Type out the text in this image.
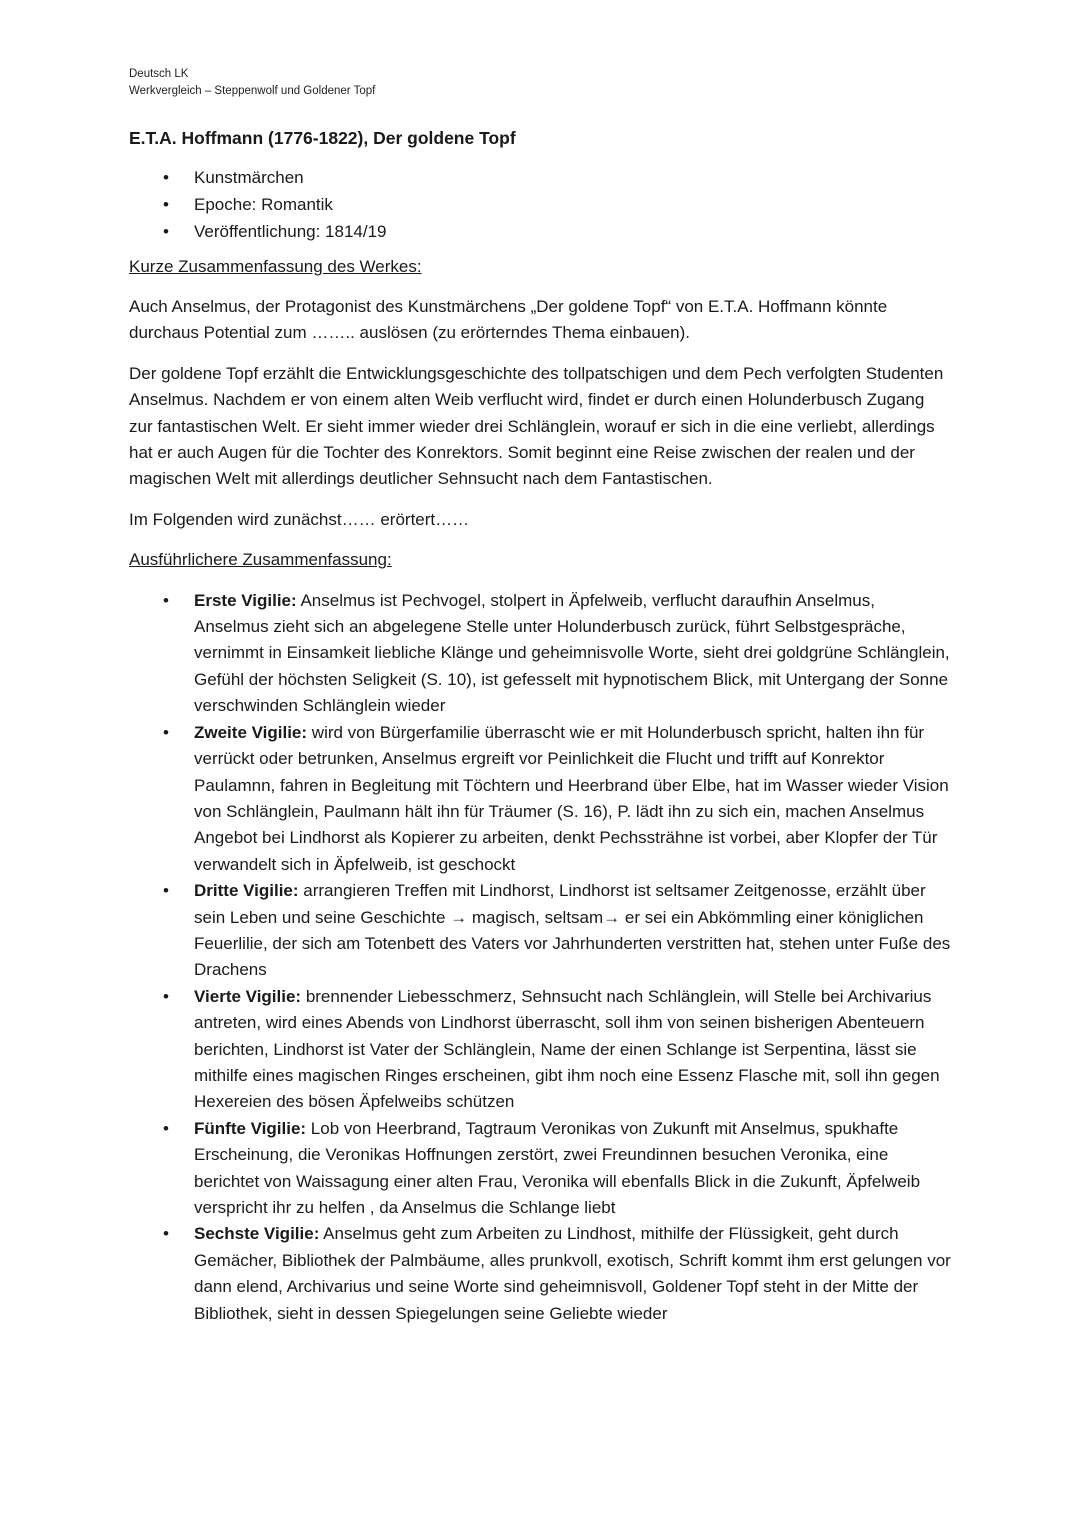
Deutsch LK
Werkvergleich – Steppenwolf und Goldener Topf
E.T.A. Hoffmann (1776-1822), Der goldene Topf
• Kunstmärchen
• Epoche: Romantik
• Veröffentlichung: 1814/19
Kurze Zusammenfassung des Werkes:

Auch Anselmus, der Protagonist des Kunstmärchens „Der goldene Topf“ von E.T.A. Hoffmann könnte durchaus Potential zum …….. auslösen (zu erörterndes Thema einbauen).

Der goldene Topf erzählt die Entwicklungsgeschichte des tollpatschigen und dem Pech verfolgten Studenten Anselmus. Nachdem er von einem alten Weib verflucht wird, findet er durch einen Holunderbusch Zugang zur fantastischen Welt. Er sieht immer wieder drei Schlänglein, worauf er sich in die eine verliebt, allerdings hat er auch Augen für die Tochter des Konrektors. Somit beginnt eine Reise zwischen der realen und der magischen Welt mit allerdings deutlicher Sehnsucht nach dem Fantastischen.

Im Folgenden wird zunächst…… erörtert……

Ausführlichere Zusammenfassung:
• Erste Vigilie: Anselmus ist Pechvogel, stolpert in Äpfelweib, verflucht daraufhin Anselmus, Anselmus zieht sich an abgelegene Stelle unter Holunderbusch zurück, führt Selbstgespräche, vernimmt in Einsamkeit liebliche Klänge und geheimnisvolle Worte, sieht drei goldgrüne Schlänglein, Gefühl der höchsten Seligkeit (S. 10), ist gefesselt mit hypnotischem Blick, mit Untergang der Sonne verschwinden Schlänglein wieder
• Zweite Vigilie: wird von Bürgerfamilie überrascht wie er mit Holunderbusch spricht, halten ihn für verrückt oder betrunken, Anselmus ergreift vor Peinlichkeit die Flucht und trifft auf Konrektor Paulamnn, fahren in Begleitung mit Töchtern und Heerbrand über Elbe, hat im Wasser wieder Vision von Schlänglein, Paulmann hält ihn für Träumer (S. 16), P. lädt ihn zu sich ein, machen Anselmus Angebot bei Lindhorst als Kopierer zu arbeiten, denkt Pechssträhne ist vorbei, aber Klopfer der Tür verwandelt sich in Äpfelweib, ist geschockt
• Dritte Vigilie: arrangieren Treffen mit Lindhorst, Lindhorst ist seltsamer Zeitgenosse, erzählt über sein Leben und seine Geschichte → magisch, seltsam→ er sei ein Abkömmling einer königlichen Feuerlilie, der sich am Totenbett des Vaters vor Jahrhunderten verstritten hat, stehen unter Fuße des Drachens
• Vierte Vigilie: brennender Liebesschmerz, Sehnsucht nach Schlänglein, will Stelle bei Archivarius antreten, wird eines Abends von Lindhorst überrascht, soll ihm von seinen bisherigen Abenteuern berichten, Lindhorst ist Vater der Schlänglein, Name der einen Schlange ist Serpentina, lässt sie mithilfe eines magischen Ringes erscheinen, gibt ihm noch eine Essenz Flasche mit, soll ihn gegen Hexereien des bösen Äpfelweibs schützen
• Fünfte Vigilie: Lob von Heerbrand, Tagtraum Veronikas von Zukunft mit Anselmus, spukhafte Erscheinung, die Veronikas Hoffnungen zerstört, zwei Freundinnen besuchen Veronika, eine berichtet von Waissagung einer alten Frau, Veronika will ebenfalls Blick in die Zukunft, Äpfelweib verspricht ihr zu helfen , da Anselmus die Schlange liebt
• Sechste Vigilie: Anselmus geht zum Arbeiten zu Lindhost, mithilfe der Flüssigkeit, geht durch Gemächer, Bibliothek der Palmbäume, alles prunkvoll, exotisch, Schrift kommt ihm erst gelungen vor dann elend, Archivarius und seine Worte sind geheimnisvoll, Goldener Topf steht in der Mitte der Bibliothek, sieht in dessen Spiegelungen seine Geliebte wieder
